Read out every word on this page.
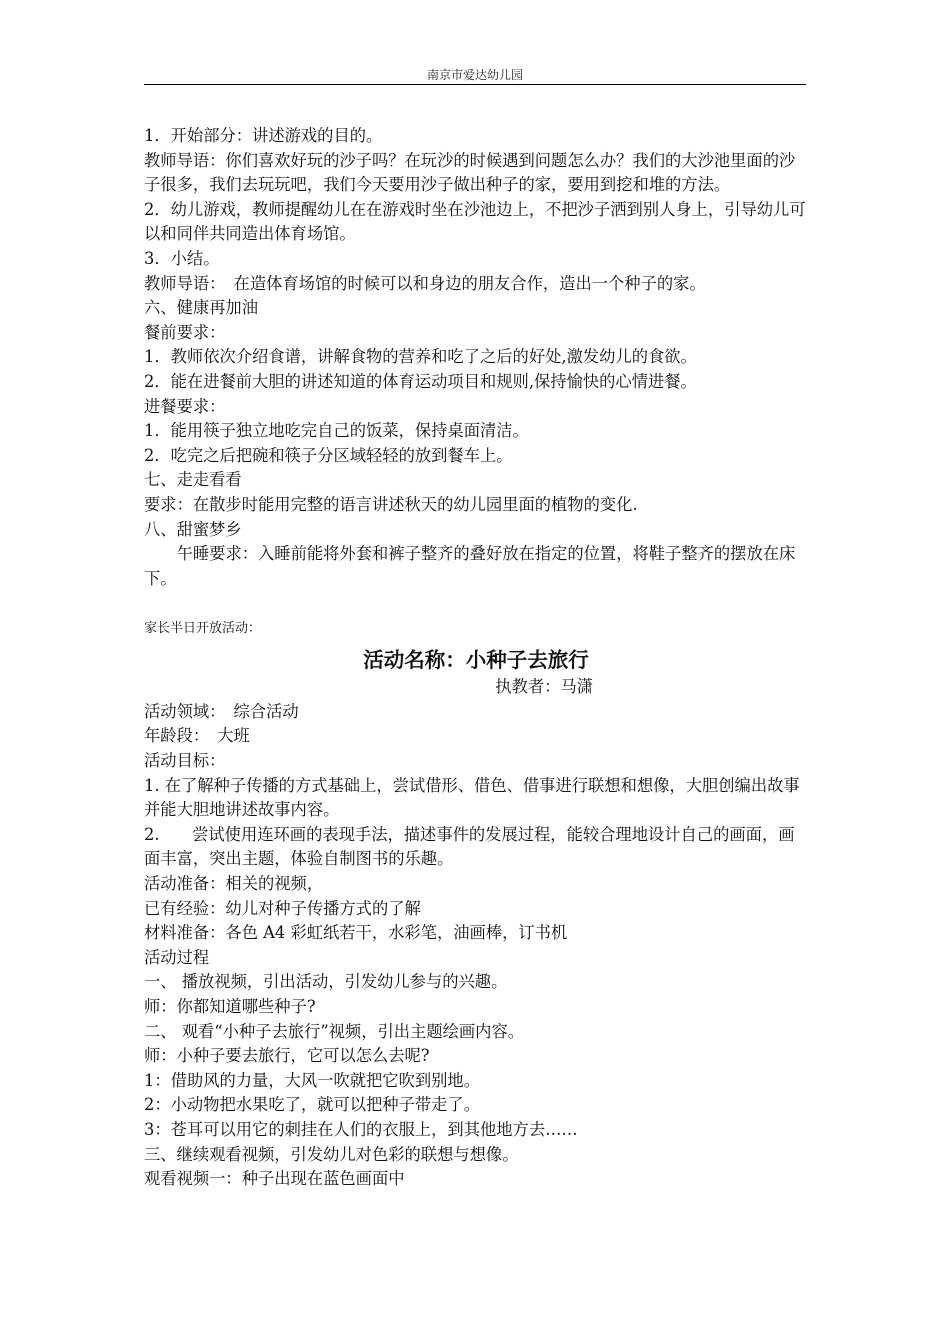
南京市爱达幼儿园

1．开始部分：讲述游戏的目的。

教师导语：你们喜欢好玩的沙子吗？在玩沙的时候遇到问题怎么办？我们的大沙池里面的沙子很多，我们去玩玩吧，我们今天要用沙子做出种子的家，要用到挖和堆的方法。

2．幼儿游戏，教师提醒幼儿在在游戏时坐在沙池边上，不把沙子洒到别人身上，引导幼儿可以和同伴共同造出体育场馆。

3．小结。

教师导语：　在造体育场馆的时候可以和身边的朋友合作，造出一个种子的家。

六、健康再加油

餐前要求：

1．教师依次介绍食谱，讲解食物的营养和吃了之后的好处,激发幼儿的食欲。

2．能在进餐前大胆的讲述知道的体育运动项目和规则,保持愉快的心情进餐。

进餐要求：

1．能用筷子独立地吃完自己的饭菜，保持桌面清洁。

2．吃完之后把碗和筷子分区域轻轻的放到餐车上。

七、走走看看

要求：在散步时能用完整的语言讲述秋天的幼儿园里面的植物的变化.

八、甜蜜梦乡

午睡要求：入睡前能将外套和裤子整齐的叠好放在指定的位置，将鞋子整齐的摆放在床下。

家长半日开放活动：

活动名称：小种子去旅行

执教者：马潇

活动领域：　综合活动

年龄段：　大班

活动目标：

1. 在了解种子传播的方式基础上，尝试借形、借色、借事进行联想和想像，大胆创编出故事并能大胆地讲述故事内容。

2.　　尝试使用连环画的表现手法，描述事件的发展过程，能较合理地设计自己的画面，画面丰富，突出主题，体验自制图书的乐趣。

活动准备：相关的视频，

已有经验：幼儿对种子传播方式的了解

材料准备：各色 A4 彩虹纸若干，水彩笔，油画棒，订书机

活动过程

一、 播放视频，引出活动，引发幼儿参与的兴趣。

师：你都知道哪些种子?

二、 观看“小种子去旅行”视频，引出主题绘画内容。

师：小种子要去旅行，它可以怎么去呢?

1：借助风的力量，大风一吹就把它吹到别地。

2：小动物把水果吃了，就可以把种子带走了。

3：苍耳可以用它的刺挂在人们的衣服上，到其他地方去……

三、继续观看视频，引发幼儿对色彩的联想与想像。

观看视频一：种子出现在蓝色画面中
